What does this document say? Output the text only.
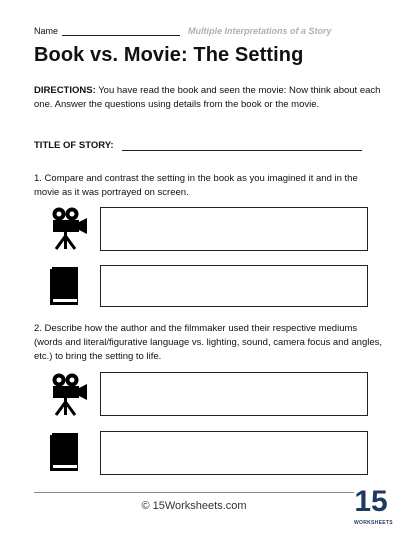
Name	Multiple Interpretations of a Story
Book vs. Movie: The Setting
DIRECTIONS: You have read the book and seen the movie: Now think about each one. Answer the questions using details from the book or the movie.
TITLE OF STORY:
1. Compare and contrast the setting in the book as you imagined it and in the movie as it was portrayed on screen.
2. Describe how the author and the filmmaker used their respective mediums (words and literal/figurative language vs. lighting, sound, camera focus and angles, etc.) to bring the setting to life.
© 15Worksheets.com	15
WORKSHEETS
